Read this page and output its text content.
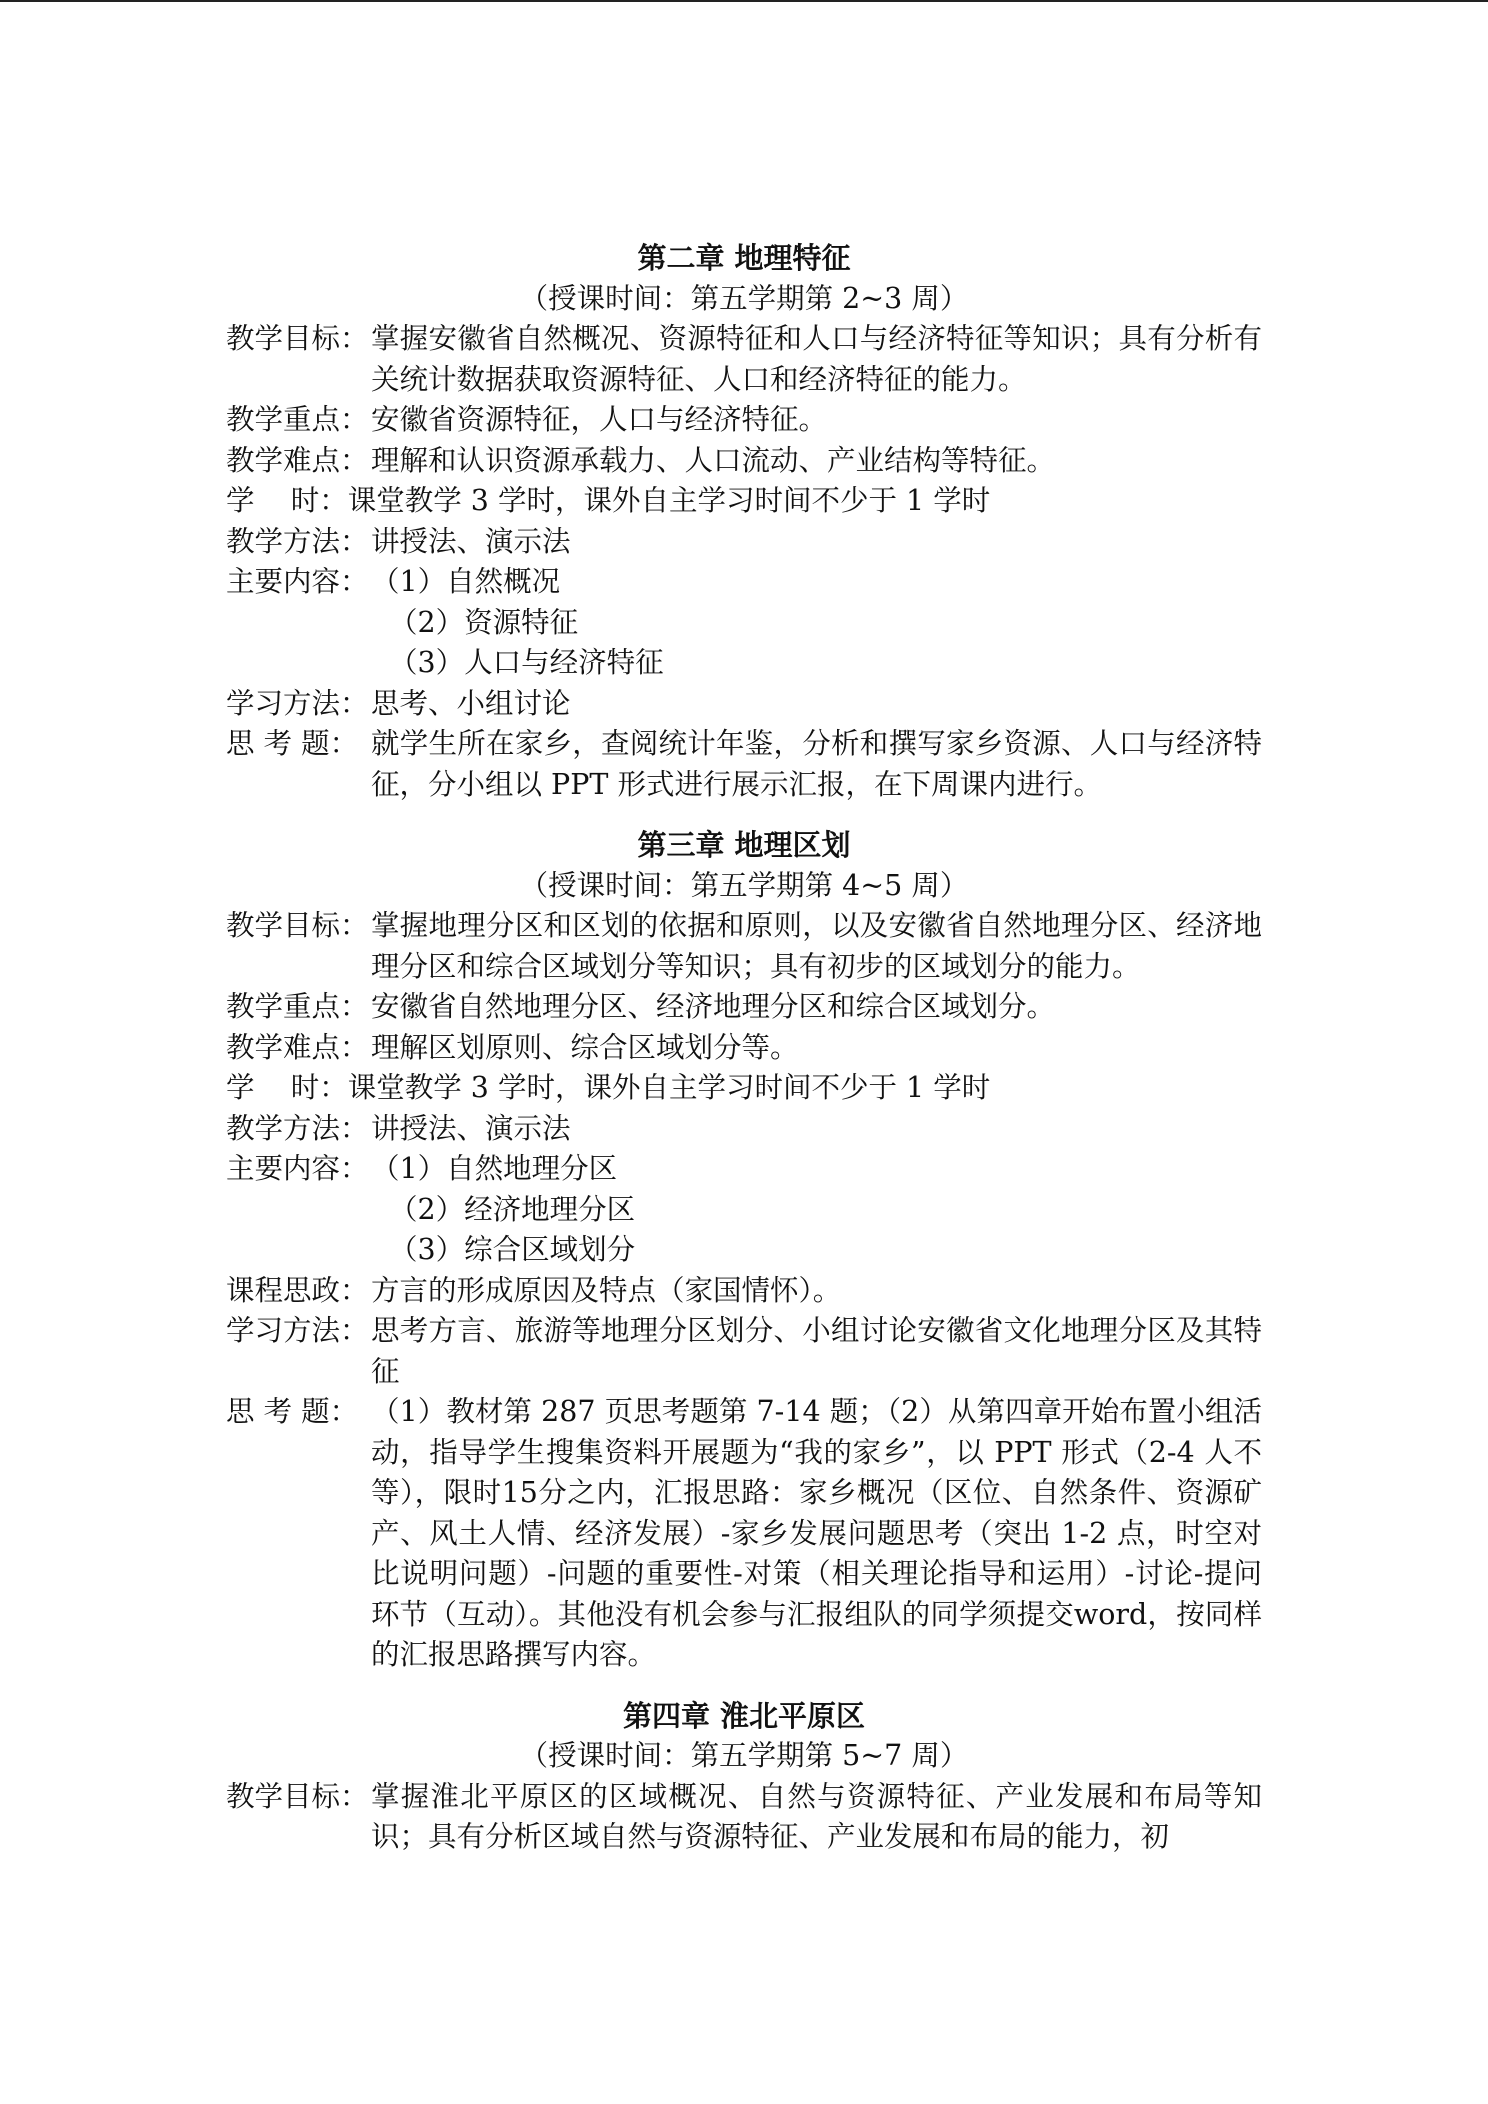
第二章 地理特征

（授课时间：第五学期第 2~3 周）

教学目标： 掌握安徽省自然概况、资源特征和人口与经济特征等知识；具有分析有关统计数据获取资源特征、人口和经济特征的能力。
教学重点： 安徽省资源特征，人口与经济特征。
教学难点： 理解和认识资源承载力、人口流动、产业结构等特征。
学    时： 课堂教学 3 学时，课外自主学习时间不少于 1 学时
教学方法： 讲授法、演示法
主要内容： （1）自然概况

（2）资源特征

（3）人口与经济特征

学习方法： 思考、小组讨论
思 考 题： 就学生所在家乡，查阅统计年鉴，分析和撰写家乡资源、人口与经济特征，分小组以 PPT 形式进行展示汇报，在下周课内进行。

第三章 地理区划

（授课时间：第五学期第 4~5 周）

教学目标： 掌握地理分区和区划的依据和原则，以及安徽省自然地理分区、经济地理分区和综合区域划分等知识；具有初步的区域划分的能力。
教学重点： 安徽省自然地理分区、经济地理分区和综合区域划分。
教学难点： 理解区划原则、综合区域划分等。
学    时： 课堂教学 3 学时，课外自主学习时间不少于 1 学时
教学方法： 讲授法、演示法
主要内容： （1）自然地理分区

（2）经济地理分区

（3）综合区域划分

课程思政： 方言的形成原因及特点（家国情怀）。
学习方法： 思考方言、旅游等地理分区划分、小组讨论安徽省文化地理分区及其特征
思 考 题： （1）教材第 287 页思考题第 7-14 题；（2）从第四章开始布置小组活动，指导学生搜集资料开展题为“我的家乡”，以 PPT 形式（2-4 人不等），限时15分之内，汇报思路：家乡概况（区位、自然条件、资源矿产、风土人情、经济发展）-家乡发展问题思考（突出 1-2 点，时空对比说明问题）-问题的重要性-对策（相关理论指导和运用）-讨论-提问环节（互动）。其他没有机会参与汇报组队的同学须提交word，按同样的汇报思路撰写内容。

第四章 淮北平原区

（授课时间：第五学期第 5~7 周）

教学目标： 掌握淮北平原区的区域概况、自然与资源特征、产业发展和布局等知识；具有分析区域自然与资源特征、产业发展和布局的能力，初
